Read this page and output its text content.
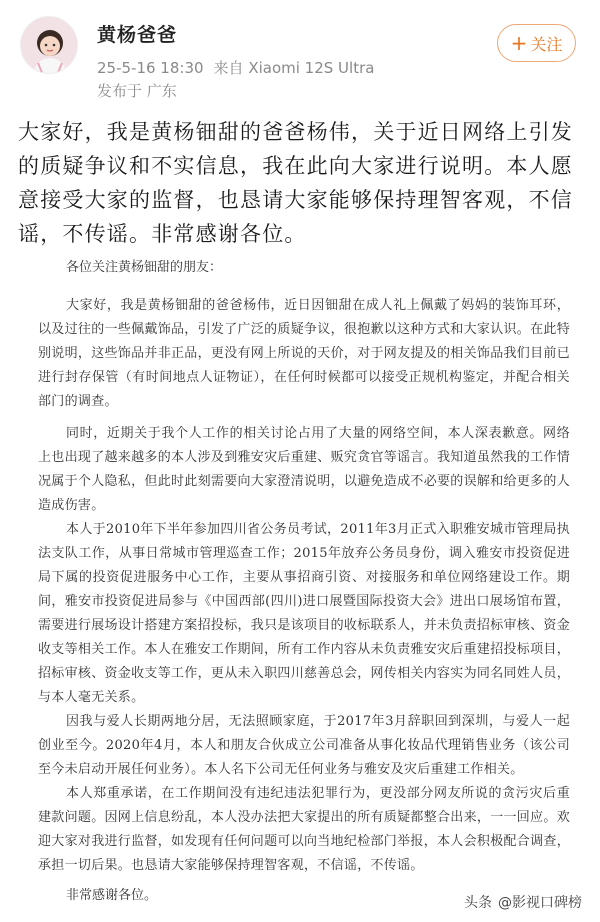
黄杨爸爸
25-5-16 18:30 来自 Xiaomi 12S Ultra
发布于 广东
+ 关注
大家好，我是黄杨钿甜的爸爸杨伟，关于近日网络上引发的质疑争议和不实信息，我在此向大家进行说明。本人愿意接受大家的监督，也恳请大家能够保持理智客观，不信谣，不传谣。非常感谢各位。
各位关注黄杨钿甜的朋友：
大家好，我是黄杨钿甜的爸爸杨伟，近日因钿甜在成人礼上佩戴了妈妈的装饰耳环，以及过往的一些佩戴饰品，引发了广泛的质疑争议，很抱歉以这种方式和大家认识。在此特别说明，这些饰品并非正品，更没有网上所说的天价，对于网友提及的相关饰品我们目前已进行封存保管（有时间地点人证物证），在任何时候都可以接受正规机构鉴定，并配合相关部门的调查。
同时，近期关于我个人工作的相关讨论占用了大量的网络空间，本人深表歉意。网络上也出现了越来越多的本人涉及到雅安灾后重建、贩究贪官等谣言。我知道虽然我的工作情况属于个人隐私，但此时此刻需要向大家澄清说明，以避免造成不必要的误解和给更多的人造成伤害。
本人于2010年下半年参加四川省公务员考试，2011年3月正式入职雅安城市管理局执法支队工作，从事日常城市管理巡查工作；2015年放弃公务员身份，调入雅安市投资促进局下属的投资促进服务中心工作，主要从事招商引资、对接服务和单位网络建设工作。期间，雅安市投资促进局参与《中国西部(四川)进口展暨国际投资大会》进出口展场馆布置，需要进行展场设计搭建方案招投标，我只是该项目的收标联系人，并未负责招标审核、资金收支等相关工作。本人在雅安工作期间，所有工作内容从未负责雅安灾后重建招投标项目，招标审核、资金收支等工作，更从未入职四川慈善总会，网传相关内容实为同名同姓人员，与本人毫无关系。
因我与爱人长期两地分居，无法照顾家庭，于2017年3月辞职回到深圳，与爱人一起创业至今。2020年4月，本人和朋友合伙成立公司准备从事化妆品代理销售业务（该公司至今未启动开展任何业务）。本人名下公司无任何业务与雅安及灾后重建工作相关。
本人郑重承诺，在工作期间没有违纪违法犯罪行为，更没部分网友所说的贪污灾后重建款问题。因网上信息纷乱，本人没办法把大家提出的所有质疑都整合出来，一一回应。欢迎大家对我进行监督，如发现有任何问题可以向当地纪检部门举报，本人会积极配合调查，承担一切后果。也恳请大家能够保持理智客观，不信谣，不传谣。
非常感谢各位。	头条 @影视口碑榜
